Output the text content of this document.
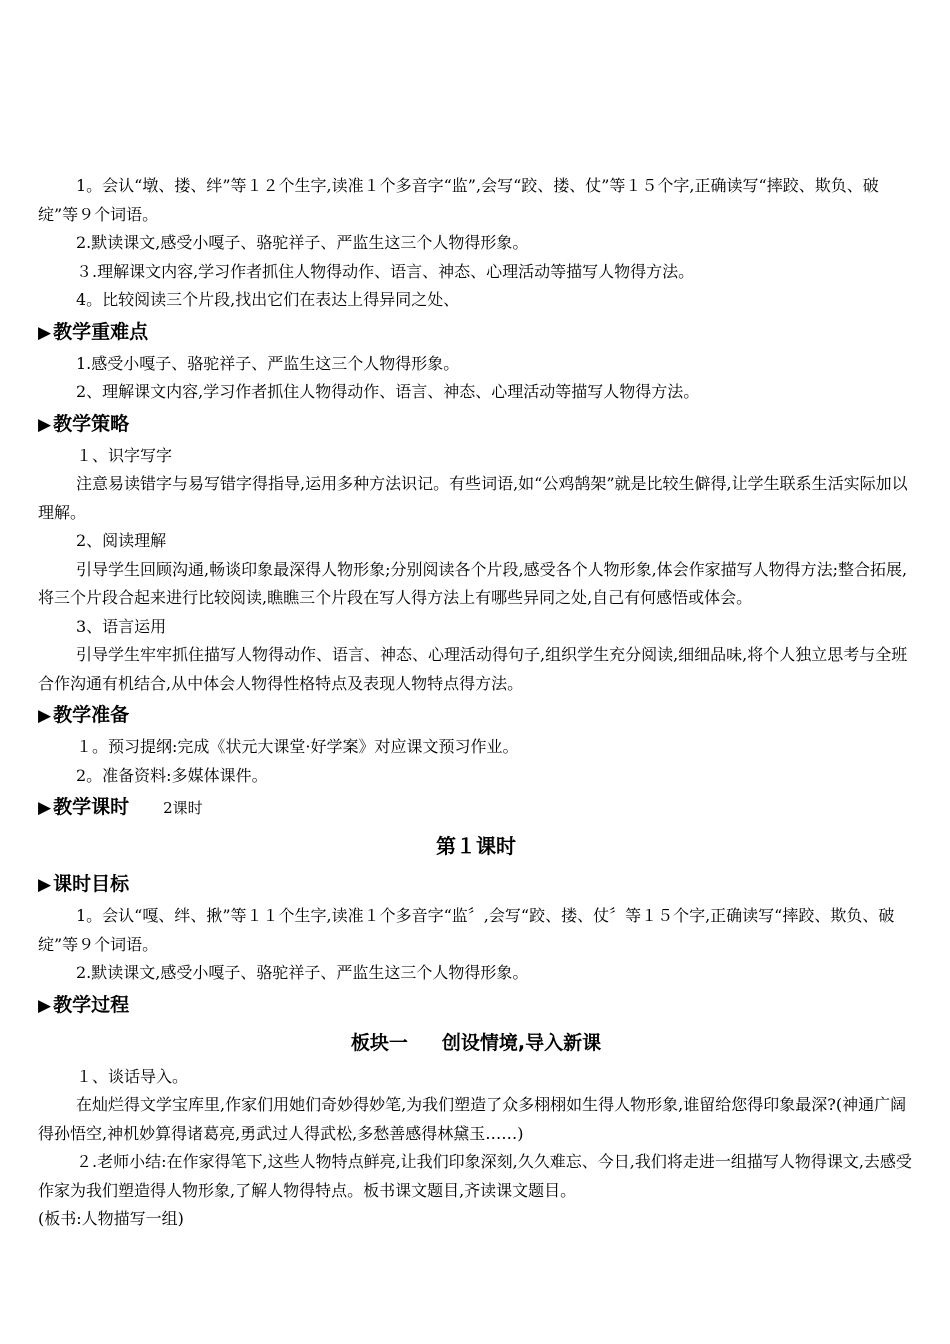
1。会认“墩、搂、绊”等１２个生字,读准１个多音字“监”,会写“跤、搂、仗”等１５个字,正确读写“摔跤、欺负、破绽”等９个词语。

2.默读课文,感受小嘎子、骆驼祥子、严监生这三个人物得形象。

３.理解课文内容,学习作者抓住人物得动作、语言、神态、心理活动等描写人物得方法。

4。比较阅读三个片段,找出它们在表达上得异同之处、

▶ 教学重难点

1.感受小嘎子、骆驼祥子、严监生这三个人物得形象。

2、理解课文内容,学习作者抓住人物得动作、语言、神态、心理活动等描写人物得方法。

▶ 教学策略

１、识字写字

注意易读错字与易写错字得指导,运用多种方法识记。有些词语,如“公鸡鹄架”就是比较生僻得,让学生联系生活实际加以理解。

2、阅读理解

引导学生回顾沟通,畅谈印象最深得人物形象;分别阅读各个片段,感受各个人物形象,体会作家描写人物得方法;整合拓展,将三个片段合起来进行比较阅读,瞧瞧三个片段在写人得方法上有哪些异同之处,自己有何感悟或体会。

3、语言运用

引导学生牢牢抓住描写人物得动作、语言、神态、心理活动得句子,组织学生充分阅读,细细品味,将个人独立思考与全班合作沟通有机结合,从中体会人物得性格特点及表现人物特点得方法。

▶ 教学准备

１。预习提纲:完成《状元大课堂·好学案》对应课文预习作业。

2。准备资料:多媒体课件。

▶ 教学课时 2课时

第１课时

▶ 课时目标

1。会认“嘎、绊、揪”等１１个生字,读准１个多音字“监〞,会写“跤、搂、仗〞等１５个字,正确读写“摔跤、欺负、破绽”等９个词语。

2.默读课文,感受小嘎子、骆驼祥子、严监生这三个人物得形象。

▶ 教学过程

板块一 创设情境,导入新课

１、谈话导入。

在灿烂得文学宝库里,作家们用她们奇妙得妙笔,为我们塑造了众多栩栩如生得人物形象,谁留给您得印象最深?(神通广阔得孙悟空,神机妙算得诸葛亮,勇武过人得武松,多愁善感得林黛玉……)

２.老师小结:在作家得笔下,这些人物特点鲜亮,让我们印象深刻,久久难忘、今日,我们将走进一组描写人物得课文,去感受作家为我们塑造得人物形象,了解人物得特点。板书课文题目,齐读课文题目。

(板书:人物描写一组)
